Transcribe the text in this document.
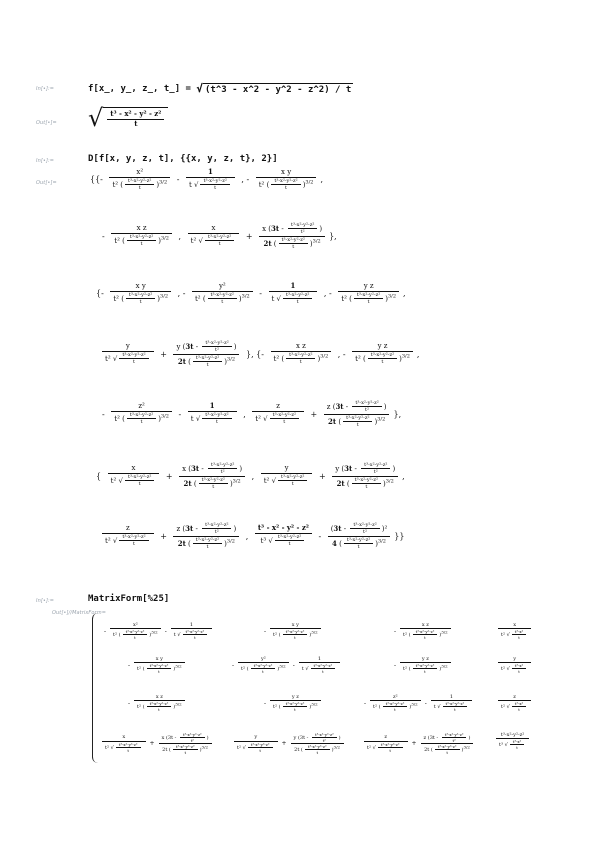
In[•]:=	f[x_, y_, z_, t_] = √ (t^3 - x^2 - y^2 - z^2) / t
Out[•]= √ $\frac{\text{t³ - x² - y² - z²}}{t}$
In[•]:=	D[f[x, y, z, t], {{x, y, z, t}, 2}]
Out[•]=	{{- $\frac{\text{x²}}{t^2 ( \frac{\text{t³-x²-y²-z²}}{t} )^{3/2}} - \frac{1}{t √ \frac{\text{t³-x²-y²-z²}}{t}}$ , - $\frac{\text{x y}}{t^2 ( \frac{\text{t³-x²-y²-z²}}{t} )^{3/2}}$ ,
- $\frac{\text{x z}}{t^2 ( \frac{\text{t³-x²-y²-z²}}{t} )^{3/2}}$ , $\frac{x}{t^2 √ \frac{\text{t³-x²-y²-z²}}{t}} + \frac{x (3t - \frac{\text{t³-x²-y²-z²}}{\text{t²}} )}{2t ( \frac{\text{t³-x²-y²-z²}}{t} )^{3/2}}$ },
{- $\frac{\text{x y}}{t^2 ( \frac{\text{t³-x²-y²-z²}}{t} )^{3/2}}$ , - $\frac{\text{y²}}{t^2 ( \frac{\text{t³-x²-y²-z²}}{t} )^{3/2}} - \frac{1}{t √ \frac{\text{t³-x²-y²-z²}}{t}}$ , - $\frac{\text{y z}}{t^2 ( \frac{\text{t³-x²-y²-z²}}{t} )^{3/2}}$ ,
$\frac{y}{t^2 √ \frac{\text{t³-x²-y²-z²}}{t}} + \frac{y (3t - \frac{\text{t³-x²-y²-z²}}{\text{t²}} )}{2t ( \frac{\text{t³-x²-y²-z²}}{t} )^{3/2}}$ }, {- $\frac{\text{x z}}{t^2 ( \frac{\text{t³-x²-y²-z²}}{t} )^{3/2}}$ , - $\frac{\text{y z}}{t^2 ( \frac{\text{t³-x²-y²-z²}}{t} )^{3/2}}$ ,
- $\frac{\text{z²}}{t^2 ( \frac{\text{t³-x²-y²-z²}}{t} )^{3/2}} - \frac{1}{t √ \frac{\text{t³-x²-y²-z²}}{t}}$ , $\frac{z}{t^2 √ \frac{\text{t³-x²-y²-z²}}{t}} + \frac{z (3t - \frac{\text{t³-x²-y²-z²}}{\text{t²}} )}{2t ( \frac{\text{t³-x²-y²-z²}}{t} )^{3/2}}$ },
{ $\frac{x}{t^2 √ \frac{\text{t³-x²-y²-z²}}{t}} + \frac{x (3t - \frac{\text{t³-x²-y²-z²}}{\text{t²}} )}{2t ( \frac{\text{t³-x²-y²-z²}}{t} )^{3/2}}$ , $\frac{y}{t^2 √ \frac{\text{t³-x²-y²-z²}}{t}} + \frac{y (3t - \frac{\text{t³-x²-y²-z²}}{\text{t²}} )}{2t ( \frac{\text{t³-x²-y²-z²}}{t} )^{3/2}}$ ,
$\frac{z}{t^2 √ \frac{\text{t³-x²-y²-z²}}{t}} + \frac{z (3t - \frac{\text{t³-x²-y²-z²}}{\text{t²}} )}{2t ( \frac{\text{t³-x²-y²-z²}}{t} )^{3/2}}$ , $\frac{\text{t³ - x² - y² - z²}}{t^3 √ \frac{\text{t³-x²-y²-z²}}{t}} - \frac{(3t - \frac{\text{t³-x²-y²-z²}}{\text{t²}} )^2}{4 ( \frac{\text{t³-x²-y²-z²}}{t} )^{3/2}}$ }}
In[•]:=	MatrixForm[%25]
Out[•]//MatrixForm=
- $\frac{\text{x²}}{t^2 ( \frac{\text{t³-x²-y²-z²}}{t} )^{3/2}} - \frac{1}{t √ \frac{\text{t³-x²-y²-z²}}{t}}$	- $\frac{\text{x y}}{t^2 ( \frac{\text{t³-x²-y²-z²}}{t} )^{3/2}}$	- $\frac{\text{x z}}{t^2 ( \frac{\text{t³-x²-y²-z²}}{t} )^{3/2}}$	$\frac{x}{t^2 √ \frac{\text{t³-x²}}{t}}$
- $\frac{\text{x y}}{t^2 ( \frac{\text{t³-x²-y²-z²}}{t} )^{3/2}}$	- $\frac{\text{y²}}{t^2 ( \frac{\text{t³-x²-y²-z²}}{t} )^{3/2}} - \frac{1}{t √ \frac{\text{t³-x²-y²-z²}}{t}}$	- $\frac{\text{y z}}{t^2 ( \frac{\text{t³-x²-y²-z²}}{t} )^{3/2}}$	$\frac{y}{t^2 √ \frac{\text{t³-x²}}{t}}$
- $\frac{\text{x z}}{t^2 ( \frac{\text{t³-x²-y²-z²}}{t} )^{3/2}}$	- $\frac{\text{y z}}{t^2 ( \frac{\text{t³-x²-y²-z²}}{t} )^{3/2}}$	- $\frac{\text{z²}}{t^2 ( \frac{\text{t³-x²-y²-z²}}{t} )^{3/2}} - \frac{1}{t √ \frac{\text{t³-x²-y²-z²}}{t}}$	$\frac{z}{t^2 √ \frac{\text{t³-x²}}{t}}$
$\frac{x}{t^2 √ \frac{\text{t³-x²-y²-z²}}{t}} + \frac{x (3t - \frac{\text{t³-x²-y²-z²}}{\text{t²}} )}{2t ( \frac{\text{t³-x²-y²-z²}}{t} )^{3/2}}$	$\frac{y}{t^2 √ \frac{\text{t³-x²-y²-z²}}{t}} + \frac{y (3t - \frac{\text{t³-x²-y²-z²}}{\text{t²}} )}{2t ( \frac{\text{t³-x²-y²-z²}}{t} )^{3/2}}$	$\frac{z}{t^2 √ \frac{\text{t³-x²-y²-z²}}{t}} + \frac{z (3t - \frac{\text{t³-x²-y²-z²}}{\text{t²}} )}{2t ( \frac{\text{t³-x²-y²-z²}}{t} )^{3/2}}$	$\frac{\text{t³-x²-y²-z²}}{t^3 √ \frac{\text{t³-x²}}{t}}$
